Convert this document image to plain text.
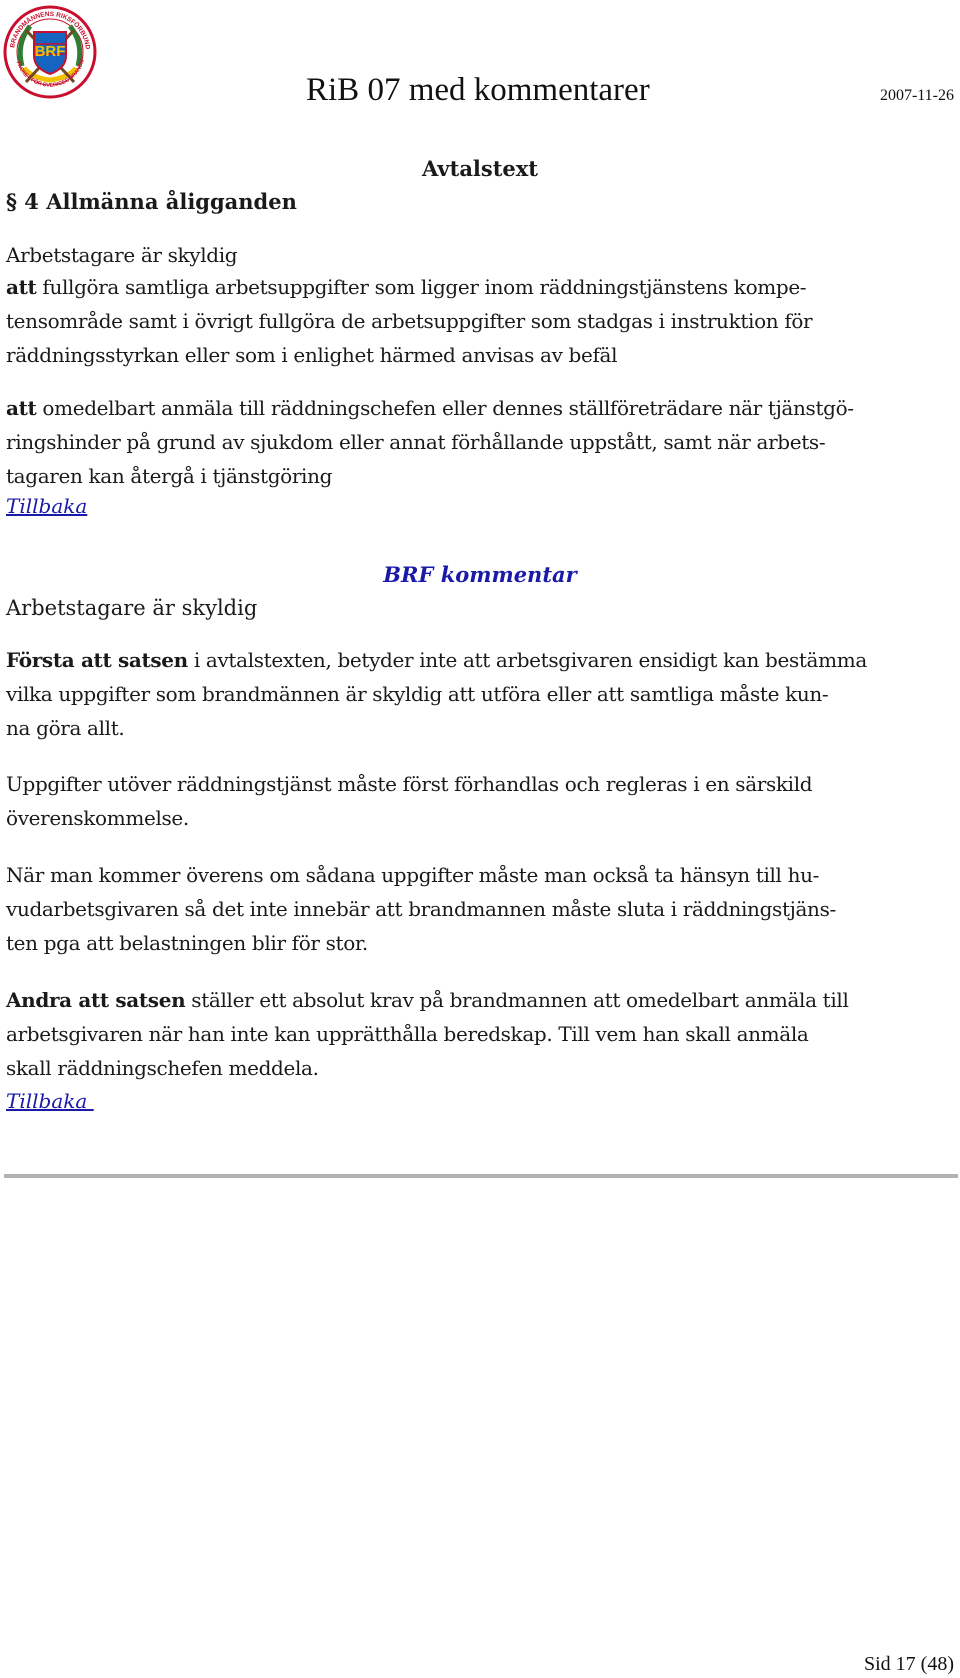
BRF
BRANDMÄNNENS RIKSFÖRBUND
FACKET FÖR SVERIGES BRANDM
RiB 07 med kommentarer	2007-11-26
Avtalstext
§ 4 Allmänna åligganden
Arbetstagare är skyldig
att fullgöra samtliga arbetsuppgifter som ligger inom räddningstjänstens kompe-
tensområde samt i övrigt fullgöra de arbetsuppgifter som stadgas i instruktion för
räddningsstyrkan eller som i enlighet härmed anvisas av befäl
att omedelbart anmäla till räddningschefen eller dennes ställföreträdare när tjänstgö-
ringshinder på grund av sjukdom eller annat förhållande uppstått, samt när arbets-
tagaren kan återgå i tjänstgöring
Tillbaka
BRF kommentar
Arbetstagare är skyldig
Första att satsen i avtalstexten, betyder inte att arbetsgivaren ensidigt kan bestämma
vilka uppgifter som brandmännen är skyldig att utföra eller att samtliga måste kun-
na göra allt.
Uppgifter utöver räddningstjänst måste först förhandlas och regleras i en särskild
överenskommelse.
När man kommer överens om sådana uppgifter måste man också ta hänsyn till hu-
vudarbetsgivaren så det inte innebär att brandmannen måste sluta i räddningstjäns-
ten pga att belastningen blir för stor.
Andra att satsen ställer ett absolut krav på brandmannen att omedelbart anmäla till
arbetsgivaren när han inte kan upprätthålla beredskap. Till vem han skall anmäla
skall räddningschefen meddela.
Tillbaka
Sid 17 (48)
